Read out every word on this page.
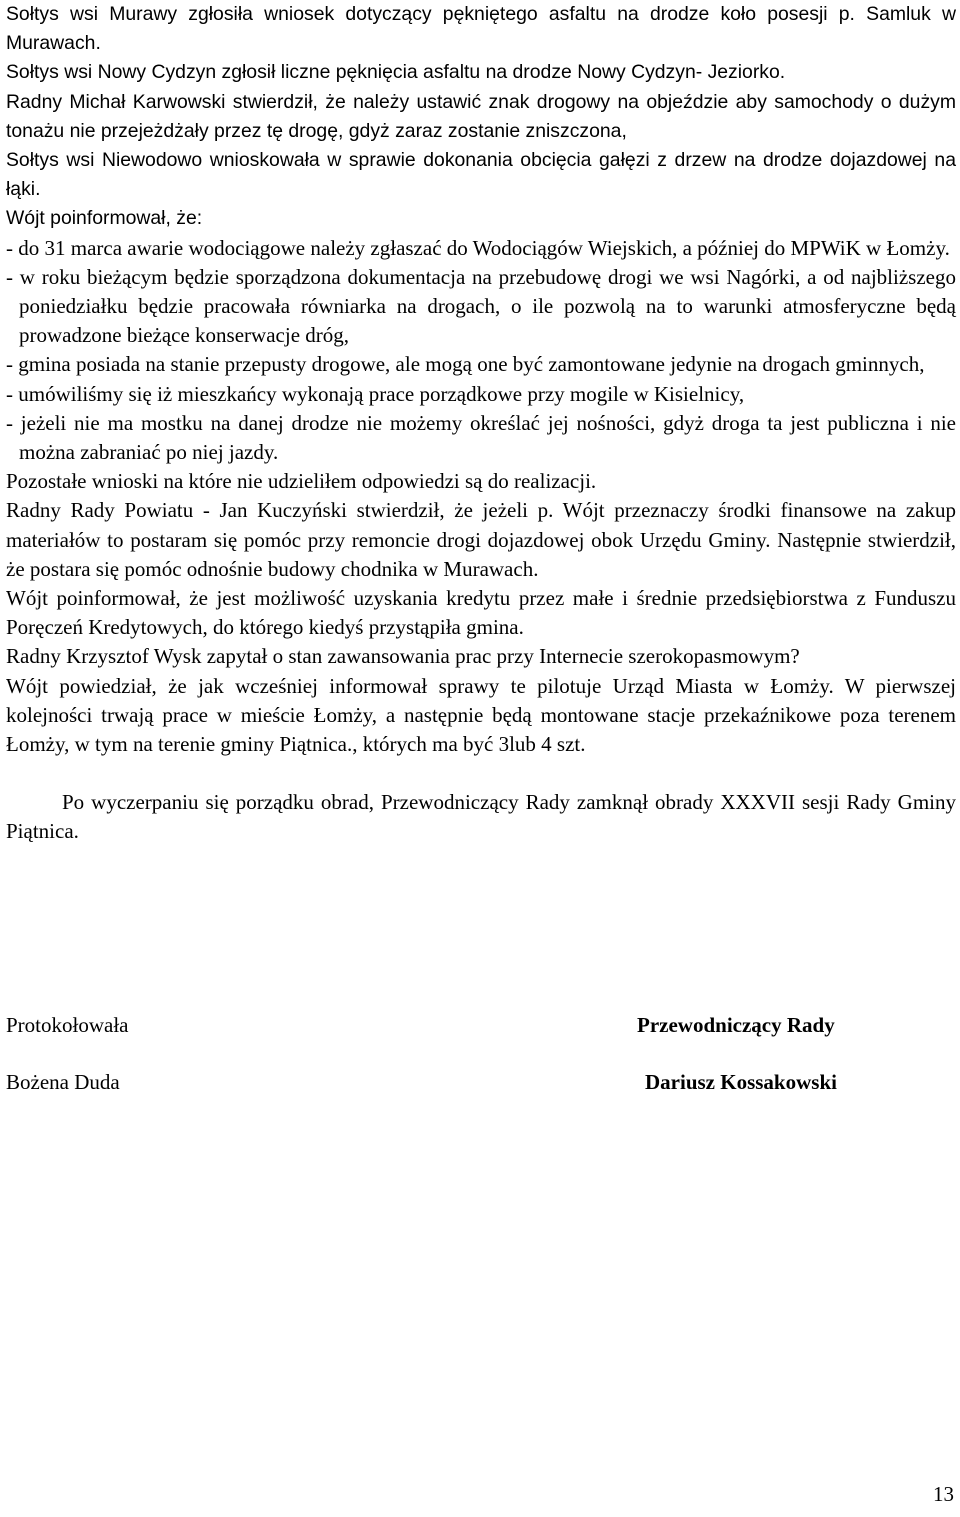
Sołtys wsi Murawy zgłosiła wniosek dotyczący pękniętego asfaltu na drodze koło posesji p. Samluk w Murawach.

Sołtys wsi Nowy Cydzyn zgłosił liczne pęknięcia asfaltu na drodze Nowy Cydzyn- Jeziorko.

Radny Michał Karwowski stwierdził, że należy ustawić znak drogowy na objeździe aby samochody o dużym tonażu nie przejeżdżały przez tę drogę, gdyż zaraz zostanie zniszczona,

Sołtys wsi Niewodowo wnioskowała w sprawie dokonania obcięcia gałęzi z drzew na drodze dojazdowej na łąki.

Wójt poinformował, że:

- do 31 marca awarie wodociągowe należy zgłaszać do Wodociągów Wiejskich, a później do MPWiK w Łomży.

- w roku bieżącym będzie sporządzona dokumentacja na przebudowę drogi we wsi Nagórki, a od najbliższego poniedziałku będzie pracowała równiarka na drogach, o ile pozwolą na to warunki atmosferyczne będą prowadzone bieżące konserwacje dróg,

- gmina posiada na stanie przepusty drogowe, ale mogą one być zamontowane jedynie na drogach gminnych,

- umówiliśmy się iż mieszkańcy wykonają prace porządkowe przy mogile w Kisielnicy,

- jeżeli nie ma mostku na danej drodze nie możemy określać jej nośności, gdyż droga ta jest publiczna i nie można zabraniać po niej jazdy.

Pozostałe wnioski na które nie udzieliłem odpowiedzi są do realizacji.

Radny Rady Powiatu - Jan Kuczyński stwierdził, że jeżeli p. Wójt przeznaczy środki finansowe na zakup materiałów to postaram się pomóc przy remoncie drogi dojazdowej obok Urzędu Gminy. Następnie stwierdził, że postara się pomóc odnośnie budowy chodnika w Murawach.

Wójt poinformował, że jest możliwość uzyskania kredytu przez małe i średnie przedsiębiorstwa z Funduszu Poręczeń Kredytowych, do którego kiedyś przystąpiła gmina.

Radny Krzysztof Wysk zapytał o stan zawansowania prac przy Internecie szerokopasmowym?

Wójt powiedział, że jak wcześniej informował sprawy te pilotuje Urząd Miasta w Łomży. W pierwszej kolejności trwają prace w mieście Łomży, a następnie będą montowane stacje przekaźnikowe poza terenem Łomży, w tym na terenie gminy Piątnica., których ma być 3lub 4 szt.

Po wyczerpaniu się porządku obrad, Przewodniczący Rady zamknął obrady XXXVII sesji Rady Gminy Piątnica.

Protokołowała
Bożena Duda
Przewodniczący Rady
Dariusz Kossakowski
13
